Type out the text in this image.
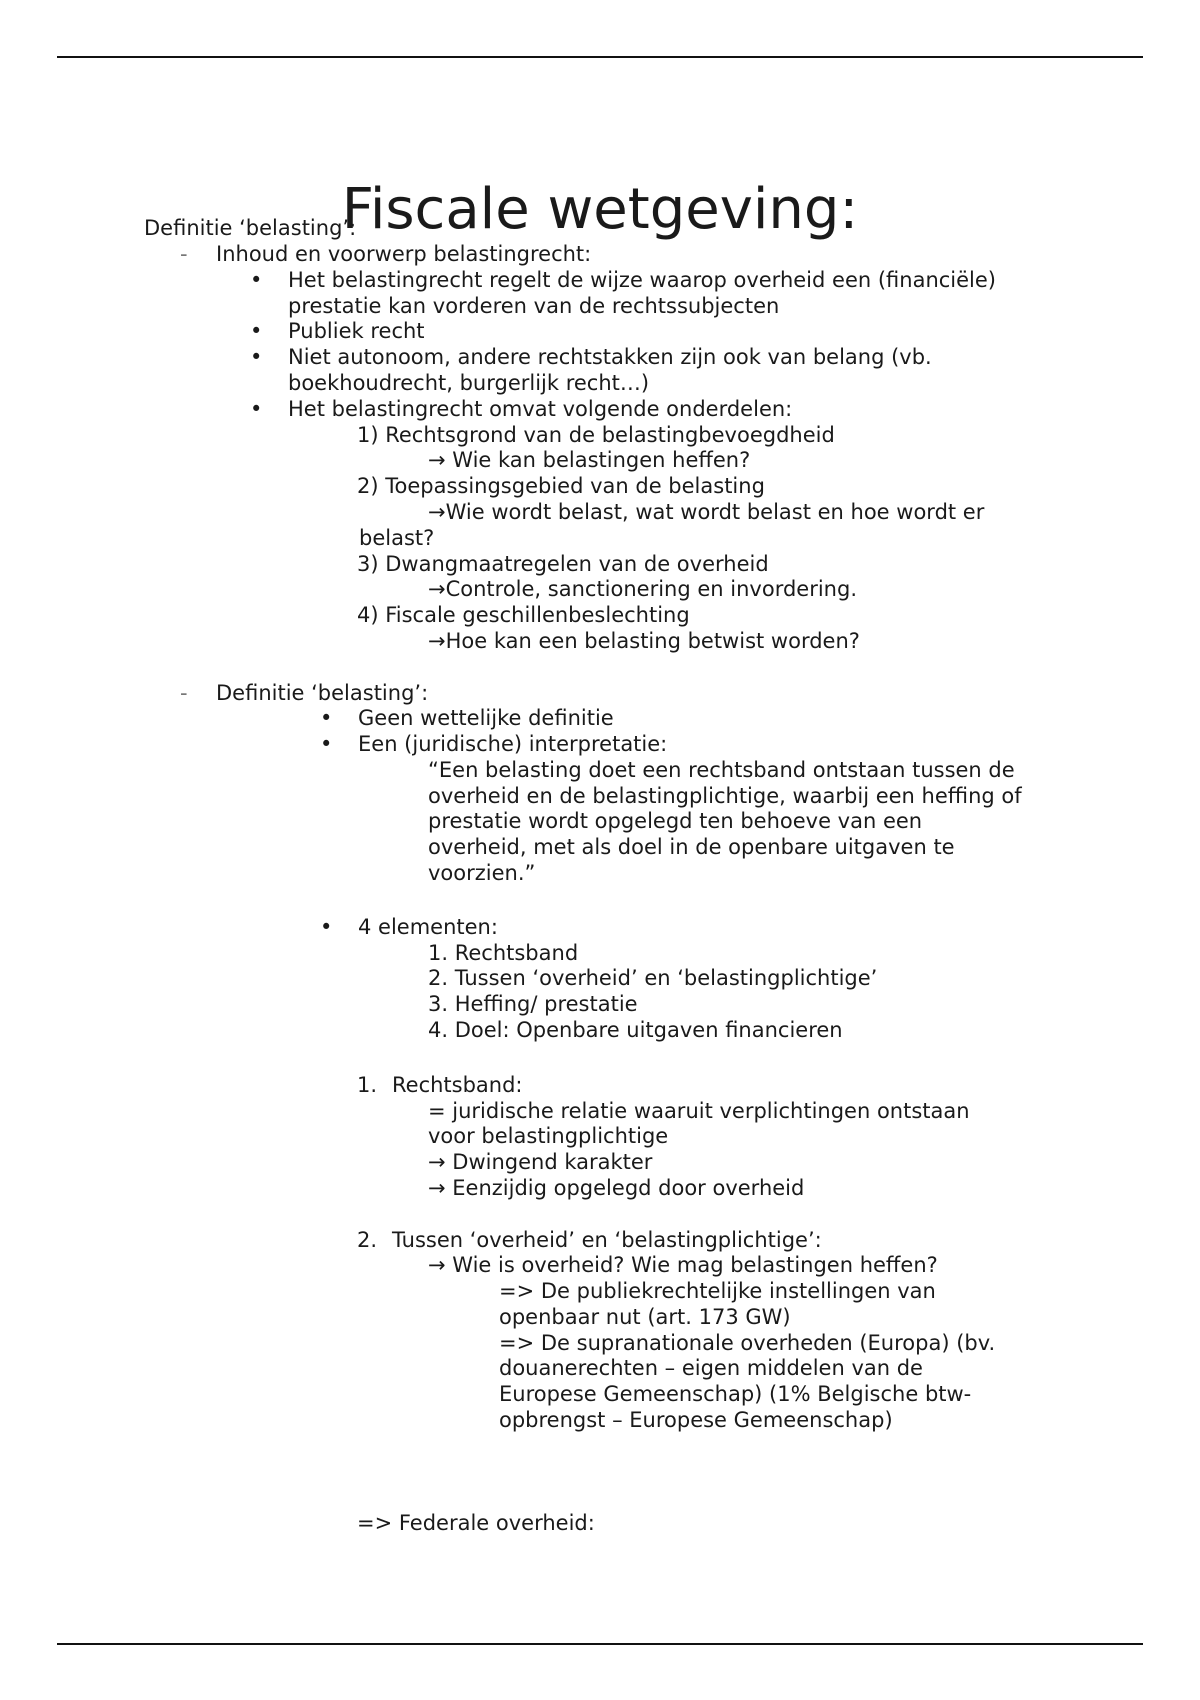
Fiscale wetgeving:
Definitie ‘belasting’:
- Inhoud en voorwerp belastingrecht:
• Het belastingrecht regelt de wijze waarop overheid een (financiële)
prestatie kan vorderen van de rechtssubjecten
• Publiek recht
• Niet autonoom, andere rechtstakken zijn ook van belang (vb.
boekhoudrecht, burgerlijk recht…)
• Het belastingrecht omvat volgende onderdelen:
1) Rechtsgrond van de belastingbevoegdheid
→ Wie kan belastingen heffen?
2) Toepassingsgebied van de belasting
→Wie wordt belast, wat wordt belast en hoe wordt er
belast?
3) Dwangmaatregelen van de overheid
→Controle, sanctionering en invordering.
4) Fiscale geschillenbeslechting
→Hoe kan een belasting betwist worden?
- Definitie ‘belasting’:
• Geen wettelijke definitie
• Een (juridische) interpretatie:
“Een belasting doet een rechtsband ontstaan tussen de
overheid en de belastingplichtige, waarbij een heffing of
prestatie wordt opgelegd ten behoeve van een
overheid, met als doel in de openbare uitgaven te
voorzien.”
• 4 elementen:
1. Rechtsband
2. Tussen ‘overheid’ en ‘belastingplichtige’
3. Heffing/ prestatie
4. Doel: Openbare uitgaven financieren
1. Rechtsband:
= juridische relatie waaruit verplichtingen ontstaan
voor belastingplichtige
→ Dwingend karakter
→ Eenzijdig opgelegd door overheid
2. Tussen ‘overheid’ en ‘belastingplichtige’:
→ Wie is overheid? Wie mag belastingen heffen?
=> De publiekrechtelijke instellingen van
openbaar nut (art. 173 GW)
=> De supranationale overheden (Europa) (bv.
douanerechten – eigen middelen van de
Europese Gemeenschap) (1% Belgische btw-
opbrengst – Europese Gemeenschap)
=> Federale overheid:
